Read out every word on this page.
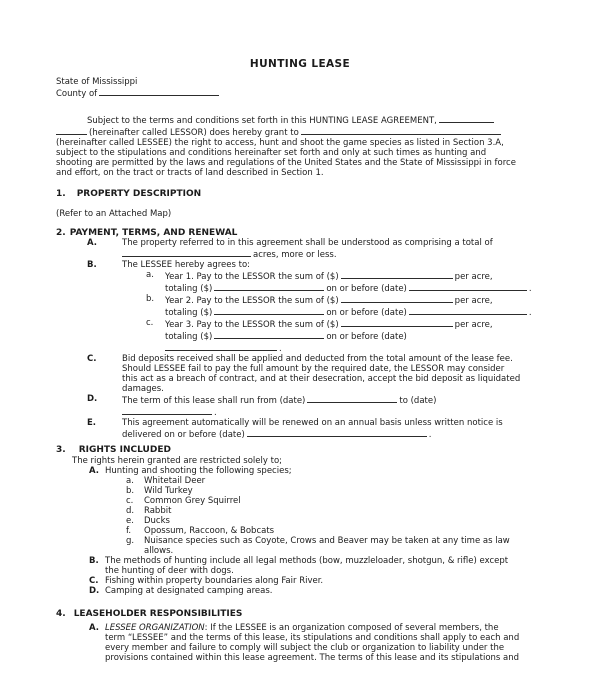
HUNTING LEASE
State of Mississippi
County of
Subject to the terms and conditions set forth in this HUNTING LEASE AGREEMENT,
(hereinafter called LESSOR) does hereby grant to
(hereinafter called LESSEE) the right to access, hunt and shoot the game species as listed in Section 3.A,
subject to the stipulations and conditions hereinafter set forth and only at such times as hunting and
shooting are permitted by the laws and regulations of the United States and the State of Mississippi in force
and effort, on the tract or tracts of land described in Section 1.
1. PROPERTY DESCRIPTION
(Refer to an Attached Map)
2. PAYMENT, TERMS, AND RENEWAL
A.	The property referred to in this agreement shall be understood as comprising a total of
acres, more or less.
B.	The LESSEE hereby agrees to:
a.	Year 1. Pay to the LESSOR the sum of ($)	per acre,
totaling ($)	on or before (date)	.
b.	Year 2. Pay to the LESSOR the sum of ($)	per acre,
totaling ($)	on or before (date)	.
c.	Year 3. Pay to the LESSOR the sum of ($)	per acre,
totaling ($)	on or before (date)
.
C.	Bid deposits received shall be applied and deducted from the total amount of the lease fee.
Should LESSEE fail to pay the full amount by the required date, the LESSOR may consider
this act as a breach of contract, and at their desecration, accept the bid deposit as liquidated
damages.
D.	The term of this lease shall run from (date)	to (date)
.
E.	This agreement automatically will be renewed on an annual basis unless written notice is
delivered on or before (date)	.
3. RIGHTS INCLUDED
The rights herein granted are restricted solely to;
A. Hunting and shooting the following species;
a.	Whitetail Deer
b.	Wild Turkey
c.	Common Grey Squirrel
d.	Rabbit
e.	Ducks
f.	Opossum, Raccoon, & Bobcats
g.	Nuisance species such as Coyote, Crows and Beaver may be taken at any time as law
allows.
B. The methods of hunting include all legal methods (bow, muzzleloader, shotgun, & rifle) except
the hunting of deer with dogs.
C. Fishing within property boundaries along Fair River.
D. Camping at designated camping areas.
4. LEASEHOLDER RESPONSIBILITIES
A. LESSEE ORGANIZATION: If the LESSEE is an organization composed of several members, the
term “LESSEE” and the terms of this lease, its stipulations and conditions shall apply to each and
every member and failure to comply will subject the club or organization to liability under the
provisions contained within this lease agreement. The terms of this lease and its stipulations and
